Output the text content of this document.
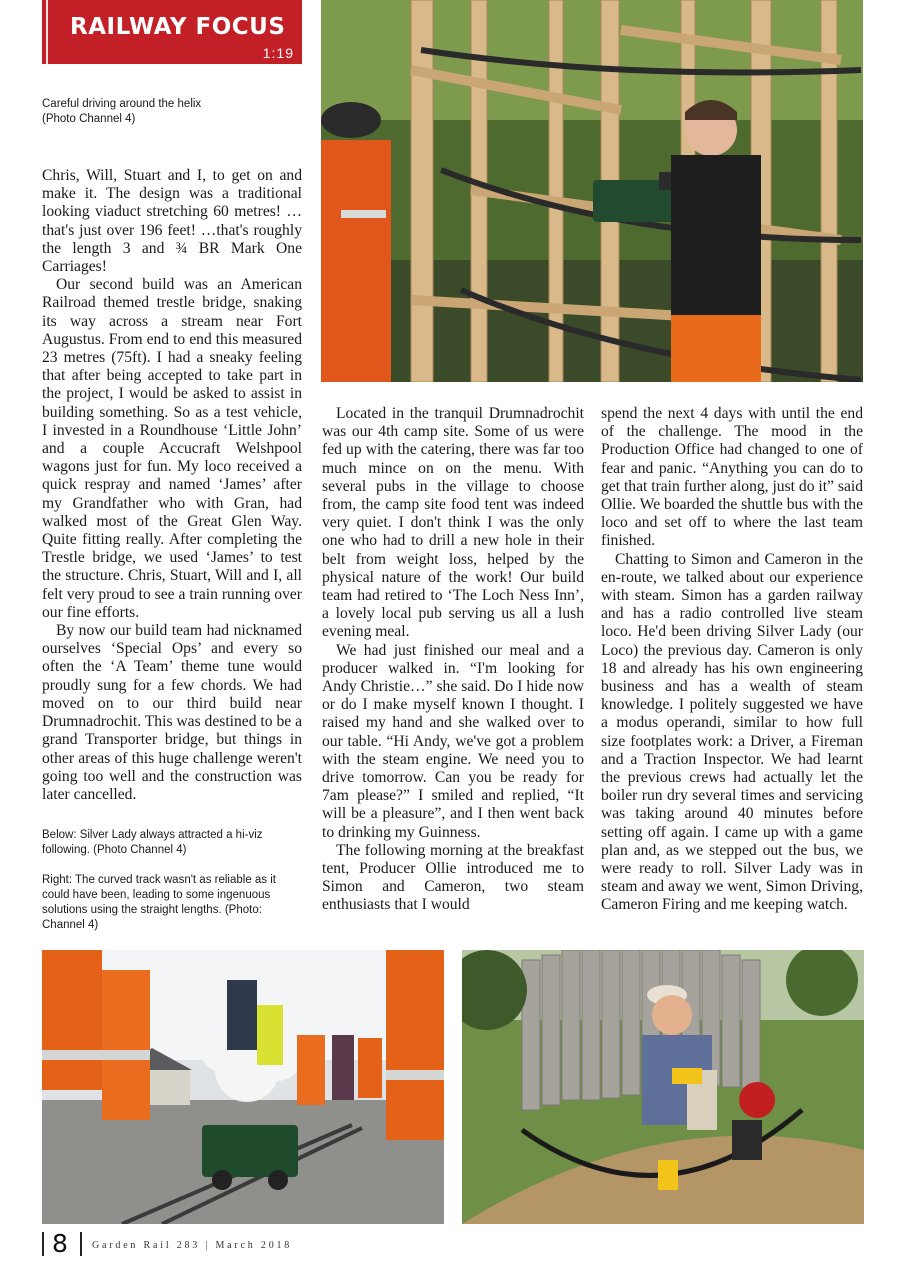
RAILWAY FOCUS
1:19
Careful driving around the helix
(Photo Channel 4)

Chris, Will, Stuart and I, to get on and make it. The design was a traditional looking viaduct stretching 60 metres! … that's just over 196 feet! …that's roughly the length 3 and ¾ BR Mark One Carriages!

Our second build was an American Railroad themed trestle bridge, snaking its way across a stream near Fort Augustus. From end to end this measured 23 metres (75ft). I had a sneaky feeling that after being accepted to take part in the project, I would be asked to assist in building something. So as a test vehicle, I invested in a Roundhouse ‘Little John’ and a couple Accucraft Welshpool wagons just for fun. My loco received a quick respray and named ‘James’ after my Grandfather who with Gran, had walked most of the Great Glen Way. Quite fitting really. After completing the Trestle bridge, we used ‘James’ to test the structure. Chris, Stuart, Will and I, all felt very proud to see a train running over our fine efforts.

By now our build team had nicknamed ourselves ‘Special Ops’ and every so often the ‘A Team’ theme tune would proudly sung for a few chords. We had moved on to our third build near Drumnadrochit. This was destined to be a grand Transporter bridge, but things in other areas of this huge challenge weren't going too well and the construction was later cancelled.

Below: Silver Lady always attracted a hi-viz following. (Photo Channel 4)
Right: The curved track wasn't as reliable as it could have been, leading to some ingenuous solutions using the straight lengths. (Photo: Channel 4)

Located in the tranquil Drumnadrochit was our 4th camp site. Some of us were fed up with the catering, there was far too much mince on on the menu. With several pubs in the village to choose from, the camp site food tent was indeed very quiet. I don't think I was the only one who had to drill a new hole in their belt from weight loss, helped by the physical nature of the work! Our build team had retired to ‘The Loch Ness Inn’, a lovely local pub serving us all a lush evening meal.

We had just finished our meal and a producer walked in. “I'm looking for Andy Christie…” she said. Do I hide now or do I make myself known I thought. I raised my hand and she walked over to our table. “Hi Andy, we've got a problem with the steam engine. We need you to drive tomorrow. Can you be ready for 7am please?” I smiled and replied, “It will be a pleasure”, and I then went back to drinking my Guinness.

The following morning at the breakfast tent, Producer Ollie introduced me to Simon and Cameron, two steam enthusiasts that I would

spend the next 4 days with until the end of the challenge. The mood in the Production Office had changed to one of fear and panic. “Anything you can do to get that train further along, just do it” said Ollie. We boarded the shuttle bus with the loco and set off to where the last team finished.

Chatting to Simon and Cameron in the en-route, we talked about our experience with steam. Simon has a garden railway and has a radio controlled live steam loco. He'd been driving Silver Lady (our Loco) the previous day. Cameron is only 18 and already has his own engineering business and has a wealth of steam knowledge. I politely suggested we have a modus operandi, similar to how full size footplates work: a Driver, a Fireman and a Traction Inspector. We had learnt the previous crews had actually let the boiler run dry several times and servicing was taking around 40 minutes before setting off again. I came up with a game plan and, as we stepped out the bus, we were ready to roll. Silver Lady was in steam and away we went, Simon Driving, Cameron Firing and me keeping watch.

8 Garden Rail 283 | March 2018
